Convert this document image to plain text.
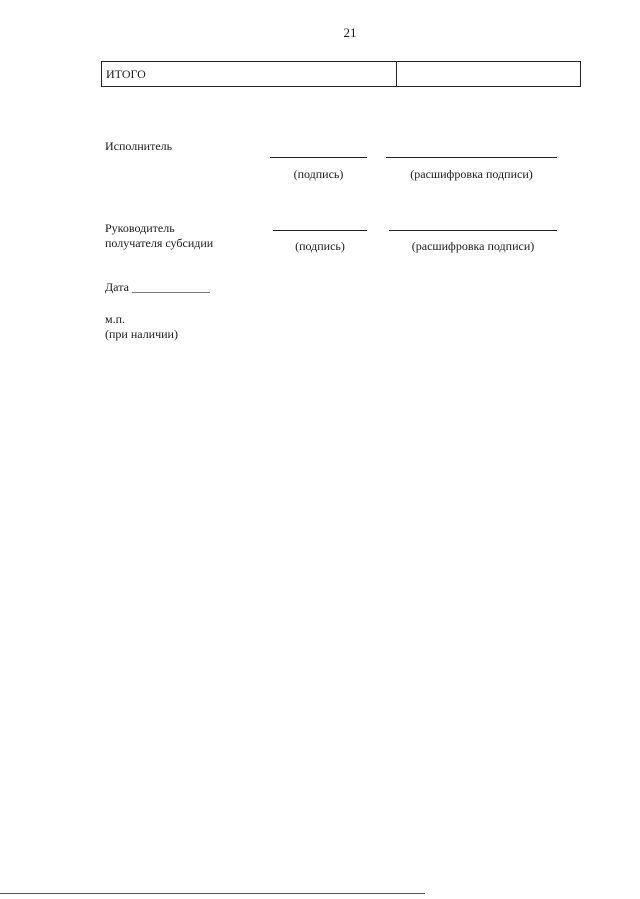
21
ИТОГО	
Исполнитель
(подпись)	(расшифровка подписи)
Руководитель
получателя субсидии	(подпись)	(расшифровка подписи)
Дата _____________
м.п.
(при наличии)
